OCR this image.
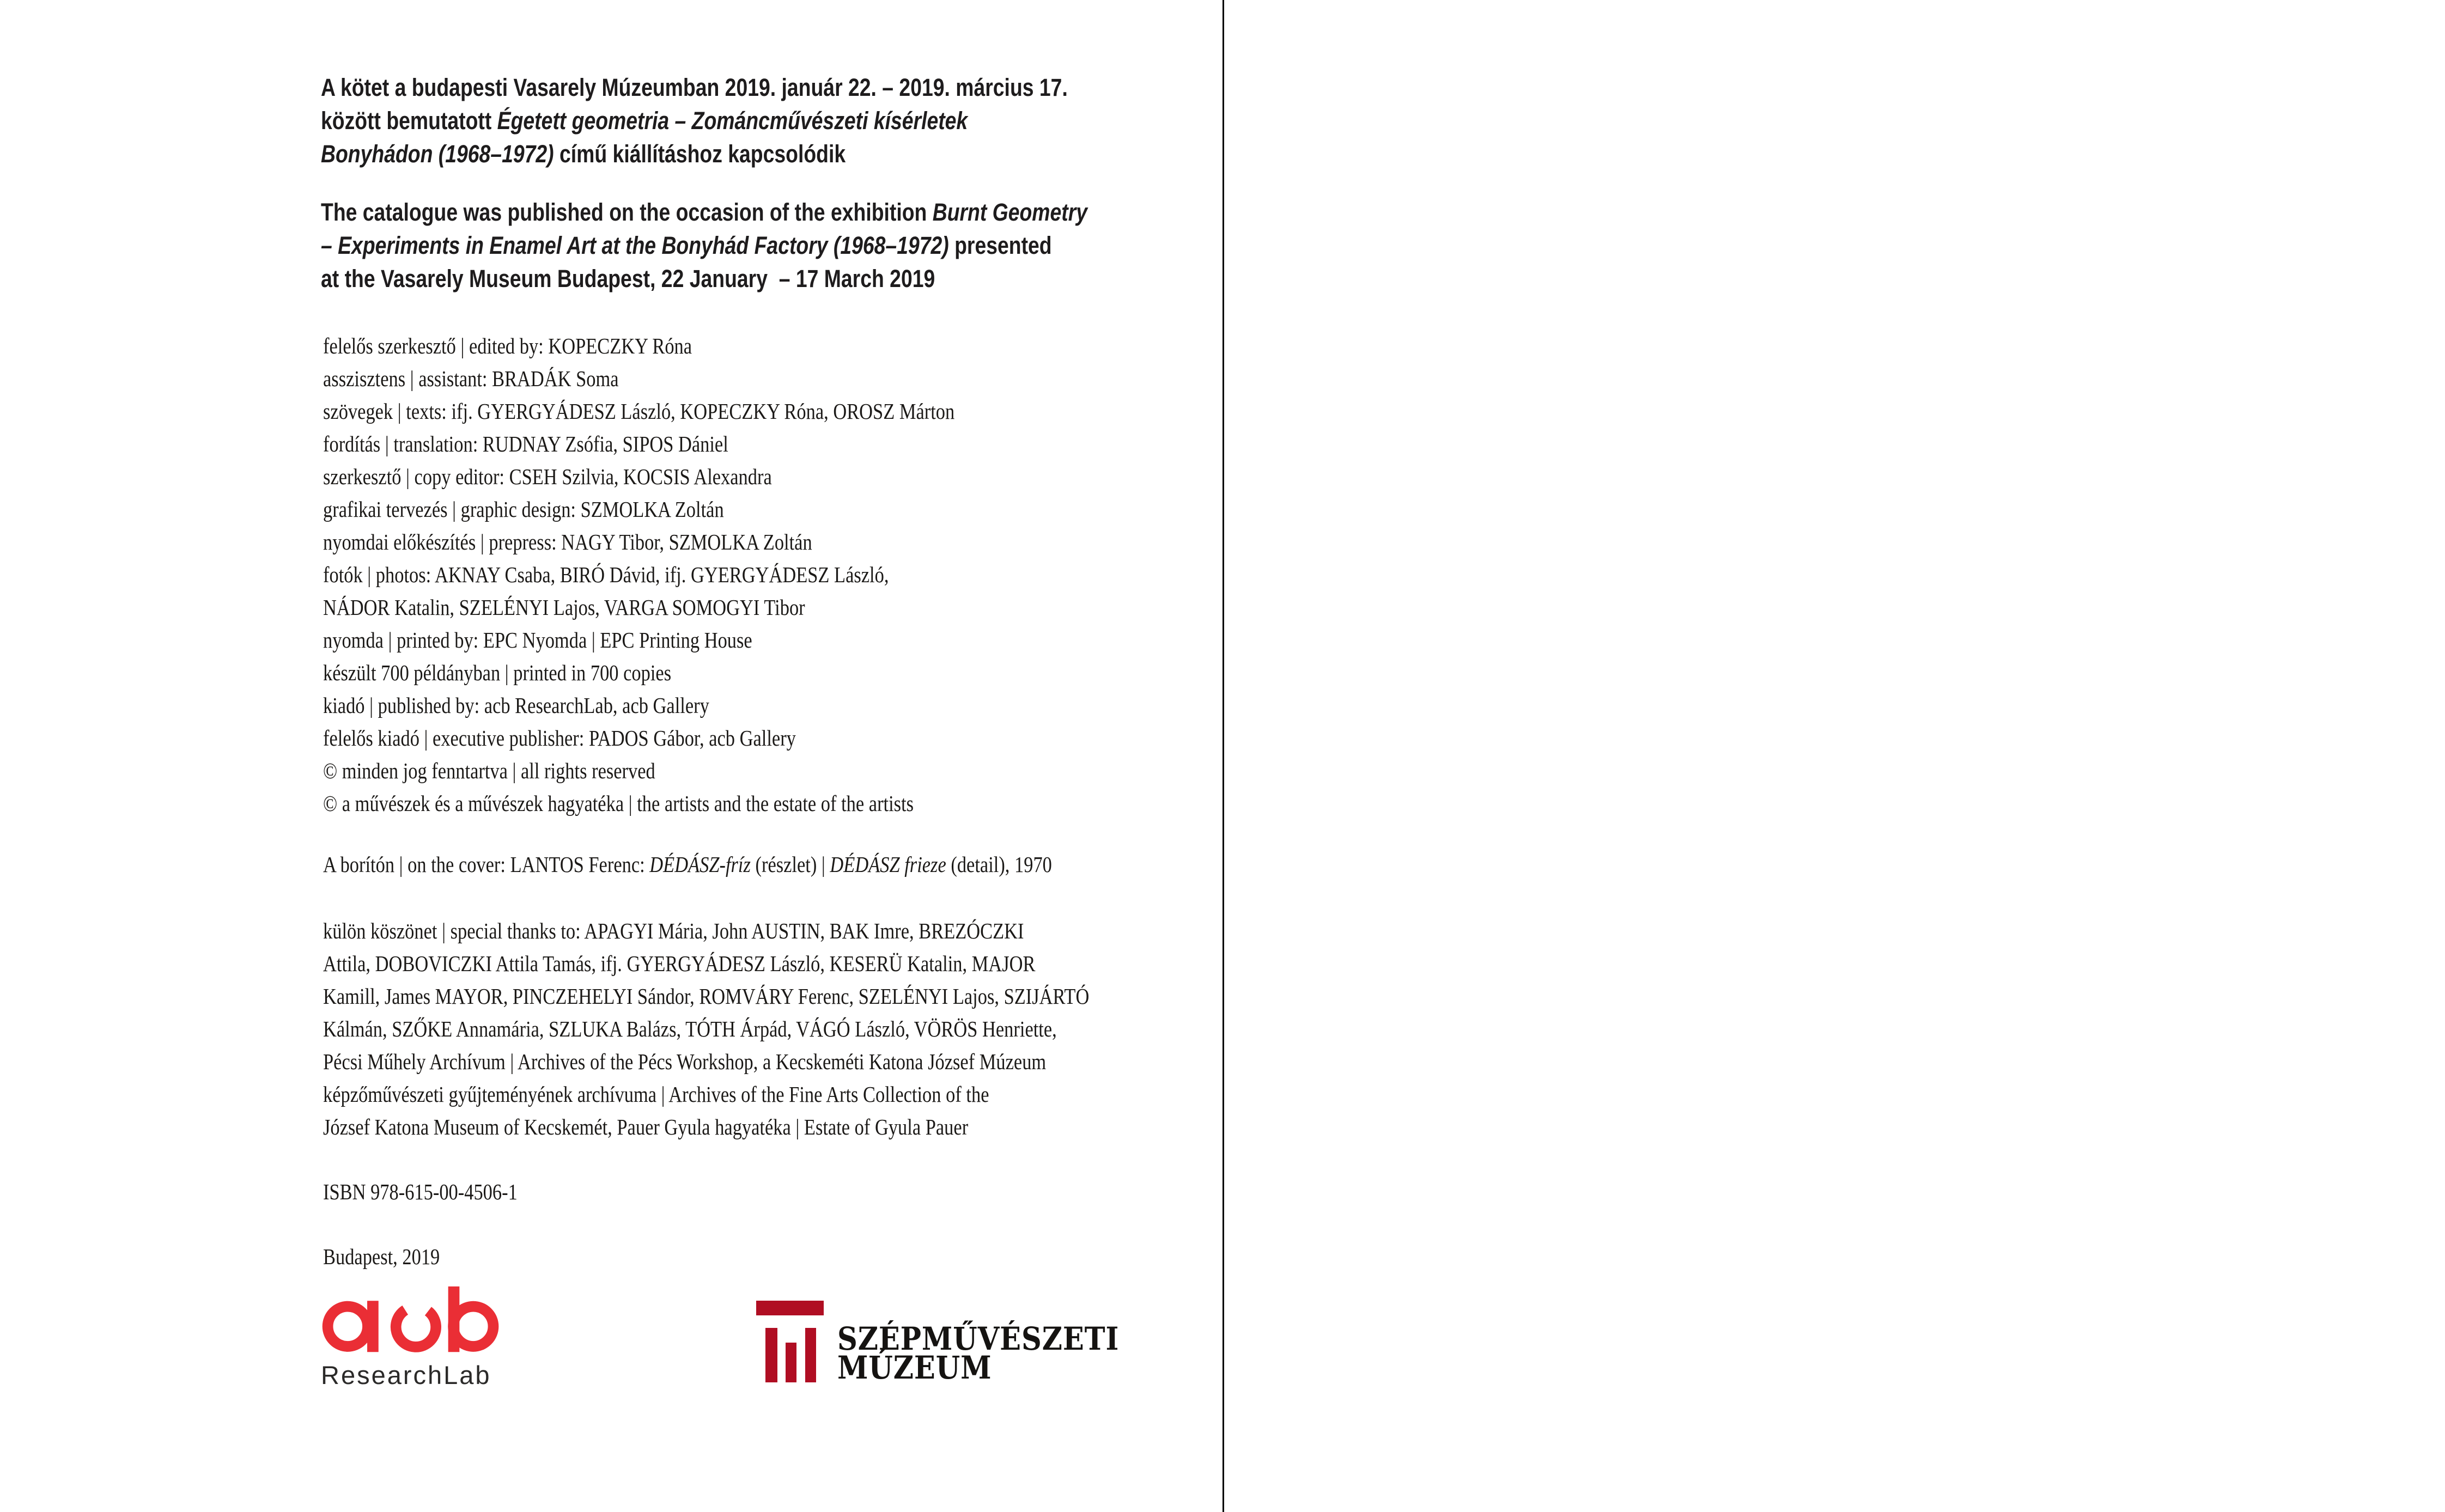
A kötet a budapesti Vasarely Múzeumban 2019. január 22. – 2019. március 17.
között bemutatott Égetett geometria – Zománcművészeti kísérletek
Bonyhádon (1968–1972) című kiállításhoz kapcsolódik
The catalogue was published on the occasion of the exhibition Burnt Geometry
– Experiments in Enamel Art at the Bonyhád Factory (1968–1972) presented
at the Vasarely Museum Budapest, 22 January  – 17 March 2019
felelős szerkesztő | edited by: KOPECZKY Róna
asszisztens | assistant: BRADÁK Soma
szövegek | texts: ifj. GYERGYÁDESZ László, KOPECZKY Róna, OROSZ Márton
fordítás | translation: RUDNAY Zsófia, SIPOS Dániel
szerkesztő | copy editor: CSEH Szilvia, KOCSIS Alexandra
grafikai tervezés | graphic design: SZMOLKA Zoltán
nyomdai előkészítés | prepress: NAGY Tibor, SZMOLKA Zoltán
fotók | photos: AKNAY Csaba, BIRÓ Dávid, ifj. GYERGYÁDESZ László,
NÁDOR Katalin, SZELÉNYI Lajos, VARGA SOMOGYI Tibor
nyomda | printed by: EPC Nyomda | EPC Printing House
készült 700 példányban | printed in 700 copies
kiadó | published by: acb ResearchLab, acb Gallery
felelős kiadó | executive publisher: PADOS Gábor, acb Gallery
© minden jog fenntartva | all rights reserved
© a művészek és a művészek hagyatéka | the artists and the estate of the artists
A borítón | on the cover: LANTOS Ferenc: DÉDÁSZ-fríz (részlet) | DÉDÁSZ frieze (detail), 1970
külön köszönet | special thanks to: APAGYI Mária, John AUSTIN, BAK Imre, BREZÓCZKI
Attila, DOBOVICZKI Attila Tamás, ifj. GYERGYÁDESZ László, KESERÜ Katalin, MAJOR
Kamill, James MAYOR, PINCZEHELYI Sándor, ROMVÁRY Ferenc, SZELÉNYI Lajos, SZIJÁRTÓ
Kálmán, SZŐKE Annamária, SZLUKA Balázs, TÓTH Árpád, VÁGÓ László, VÖRÖS Henriette,
Pécsi Műhely Archívum | Archives of the Pécs Workshop, a Kecskeméti Katona József Múzeum
képzőművészeti gyűjteményének archívuma | Archives of the Fine Arts Collection of the
József Katona Museum of Kecskemét, Pauer Gyula hagyatéka | Estate of Gyula Pauer
ISBN 978-615-00-4506-1
Budapest, 2019
ResearchLab
SZÉPMŰVÉSZETI
MÚZEUM
